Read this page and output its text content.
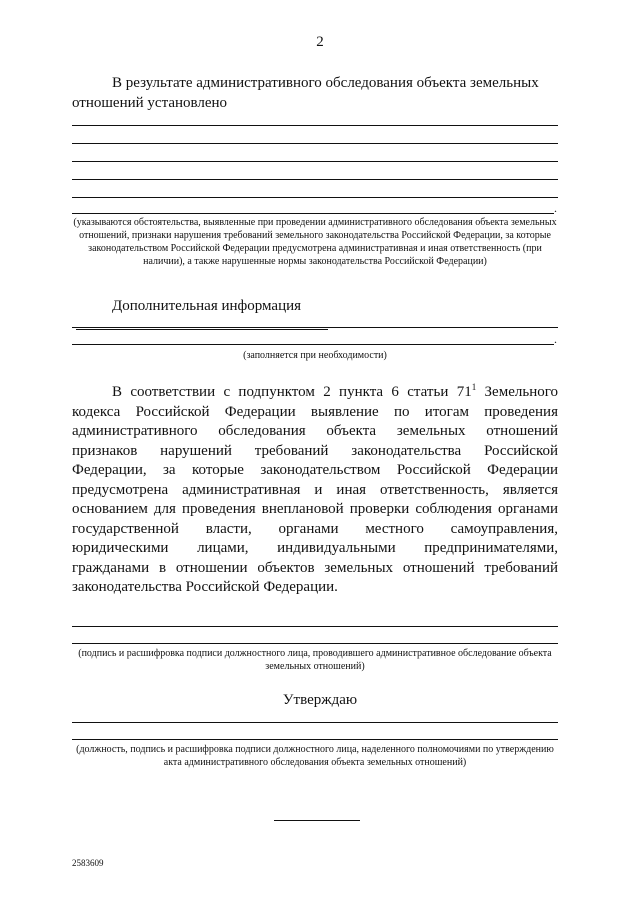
2
В результате административного обследования объекта земельных
отношений установлено
.
(указываются обстоятельства, выявленные при проведении административного обследования объекта земельных отношений, признаки нарушения требований земельного законодательства Российской Федерации, за которые законодательством Российской Федерации предусмотрена административная и иная ответственность (при наличии), а также нарушенные нормы законодательства Российской Федерации)
Дополнительная информация
.
(заполняется при необходимости)
В соответствии с подпунктом 2 пункта 6 статьи $71^1$ Земельного кодекса Российской Федерации выявление по итогам проведения административного обследования объекта земельных отношений признаков нарушений требований законодательства Российской Федерации, за которые законодательством Российской Федерации предусмотрена административная и иная ответственность, является основанием для проведения внеплановой проверки соблюдения органами государственной власти, органами местного самоуправления, юридическими лицами, индивидуальными предпринимателями, гражданами в отношении объектов земельных отношений требований законодательства Российской Федерации.
(подпись и расшифровка подписи должностного лица, проводившего административное обследование объекта земельных отношений)
Утверждаю
(должность, подпись и расшифровка подписи должностного лица, наделенного полномочиями по утверждению акта административного обследования объекта земельных отношений)
2583609
